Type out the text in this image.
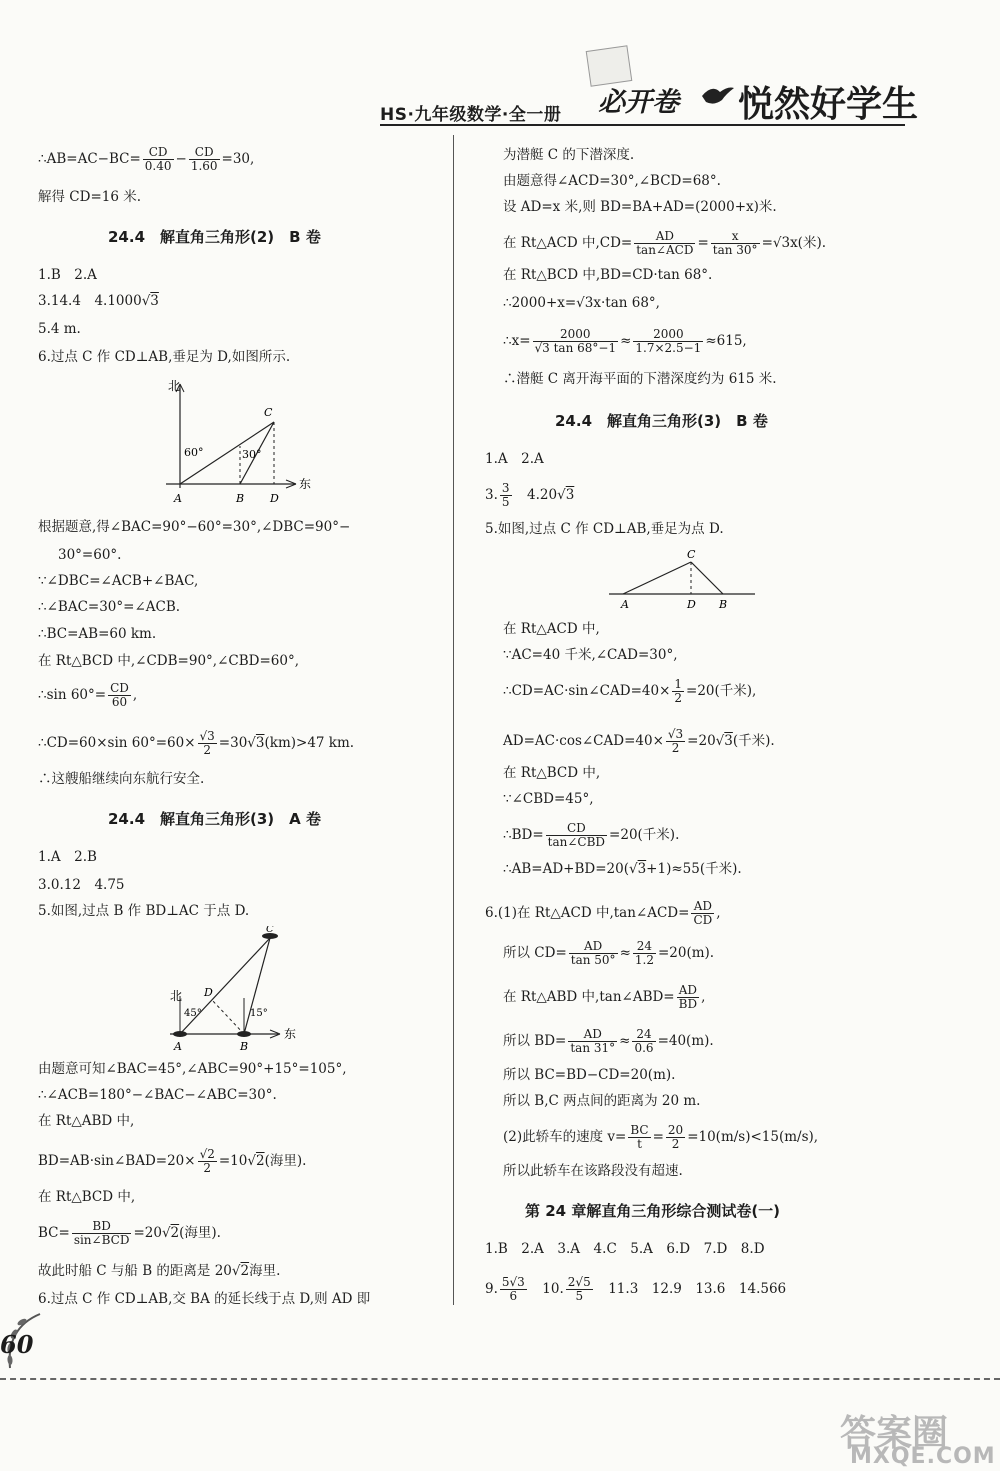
HS·九年级数学·全一册 必开卷 悦然好学生
∴AB=AC−BC= $\frac{CD}{0.40} - \frac{CD}{1.60} =30$,
解得 CD=16 米.
24.4　解直角三角形(2)　B 卷
1.B　2.A
3.14.4　4.1000√3
5.4 m.
6.过点 C 作 CD⊥AB,垂足为 D,如图所示.
北
东
60°	30°
A	B D
C
根据题意,得∠BAC=90°−60°=30°,∠DBC=90°−
30°=60°.
∵∠DBC=∠ACB+∠BAC,
∴∠BAC=30°=∠ACB.
∴BC=AB=60 km.
在 Rt△BCD 中,∠CDB=90°,∠CBD=60°,
∴sin $60^\circ= \frac{CD}{60}$ ,
∴CD=60×sin $60^\circ=60\times \frac{√3}{2} =30√3(km)>47$ km.
∴这艘船继续向东航行安全.
24.4　解直角三角形(3)　A 卷
1.A　2.B
3.0.12　4.75
5.如图,过点 B 作 BD⊥AC 于点 D.
北
东
45°	15°
A	B
D
C
由题意可知∠BAC=45°,∠ABC=90°+15°=105°,
∴∠ACB=180°−∠BAC−∠ABC=30°.
在 Rt△ABD 中,
BD=AB·sin∠BAD=20× $\frac{√2}{2} =10√2$(海里).
在 Rt△BCD 中,
$BC= \frac{BD}{\text{sin∠BCD}} =20√2$(海里).
故此时船 C 与船 B 的距离是 20√2海里.
6.过点 C 作 CD⊥AB,交 BA 的延长线于点 D,则 AD 即
为潜艇 C 的下潜深度.
由题意得∠ACD=30°,∠BCD=68°.
设 AD=x 米,则 BD=BA+AD=(2000+x)米.
在 Rt△ACD 中$,CD= \frac{AD}{\text{tan∠ACD}} = \frac{x}{\tan 30^\circ} =√3x$(米).
在 Rt△BCD 中,BD=CD·tan 68°.
∴2000+x=√3x·tan 68°,
∴x= $\frac{2000}{√3 \tan 68^\circ-1} \approx \frac{2000}{1.7\times 2.5-1} \approx 615$,
∴潜艇 C 离开海平面的下潜深度约为 615 米.
24.4　解直角三角形(3)　B 卷
1.A　2.A
3. $\frac{3}{5}$ 　4.20√3
5.如图,过点 C 作 CD⊥AB,垂足为点 D.
C
A	D B
在 Rt△ACD 中,
∵AC=40 千米,∠CAD=30°,
∴CD=AC·sin∠CAD=40× $\frac{1}{2} =20$(千米),
AD=AC·cos∠CAD=40× $\frac{√3}{2} =20√3$(千米).
在 Rt△BCD 中,
∵∠CBD=45°,
∴BD= $\frac{CD}{\text{tan∠CBD}} =20$(千米).
∴AB=AD+BD=20(√3+1)≈55(千米).
6.(1)在 Rt△ACD 中,tan∠ACD= $\frac{AD}{CD}$ ,
所以 $CD= \frac{AD}{\tan 50^\circ} \approx \frac{24}{1.2} =20(m)$.
在 Rt△ABD 中,tan∠ABD= $\frac{AD}{BD}$ ,
所以 $BD= \frac{AD}{\tan 31^\circ} \approx \frac{24}{0.6} =40(m)$.
所以 BC=BD−CD=20(m).
所以 B,C 两点间的距离为 20 m.
(2)此轿车的速度 $v= \frac{BC}{t} = \frac{20}{2} =10(m/s)<15(m/s)$,
所以此轿车在该路段没有超速.
第 24 章解直角三角形综合测试卷(一)
1.B　2.A　3.A　4.C　5.A　6.D　7.D　8.D
9. $\frac{5√3}{6}$ 　10. $\frac{2√5}{5}$ 　11.3　12.9　13.6　14.566
60
答案圈
MXQE.COM
